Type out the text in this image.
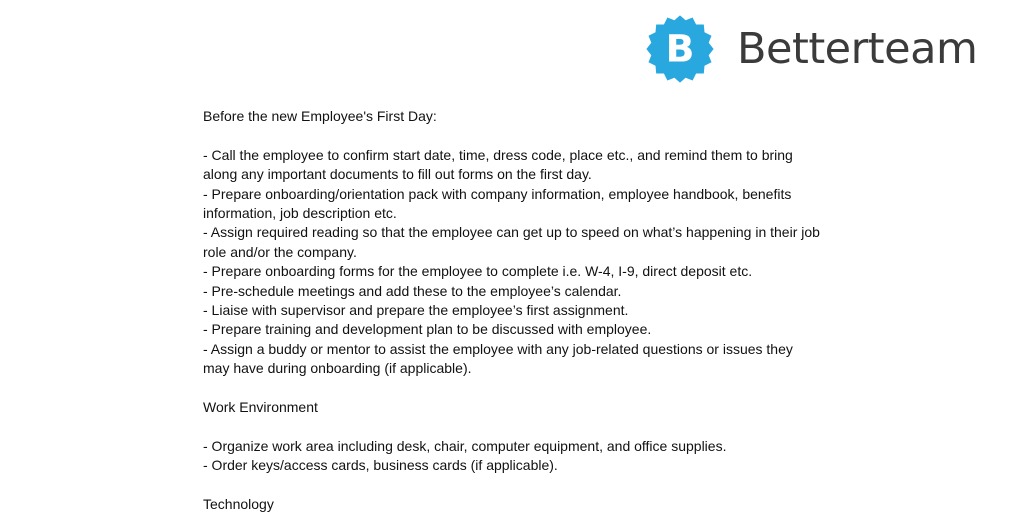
B Betterteam

Before the new Employee's First Day:

- Call the employee to confirm start date, time, dress code, place etc., and remind them to bring along any important documents to fill out forms on the first day.

- Prepare onboarding/orientation pack with company information, employee handbook, benefits information, job description etc.

- Assign required reading so that the employee can get up to speed on what’s happening in their job role and/or the company.

- Prepare onboarding forms for the employee to complete i.e. W-4, I-9, direct deposit etc.

- Pre-schedule meetings and add these to the employee’s calendar.

- Liaise with supervisor and prepare the employee’s first assignment.

- Prepare training and development plan to be discussed with employee.

- Assign a buddy or mentor to assist the employee with any job-related questions or issues they may have during onboarding (if applicable).

Work Environment

- Organize work area including desk, chair, computer equipment, and office supplies.

- Order keys/access cards, business cards (if applicable).

Technology
